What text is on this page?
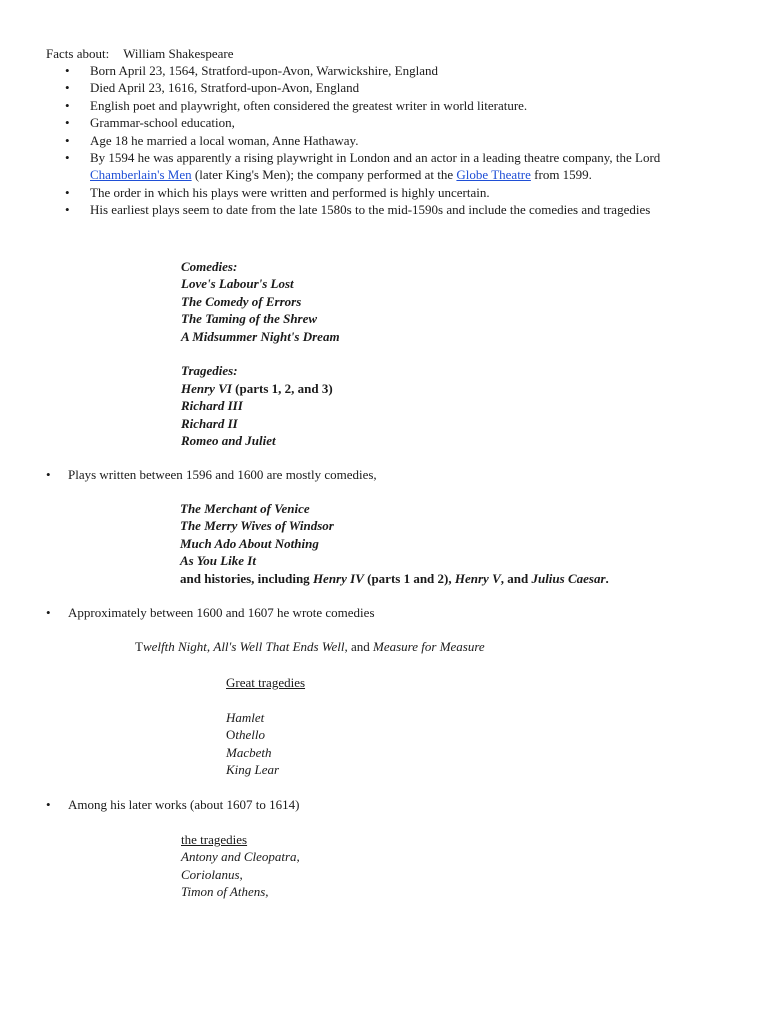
Facts about: William Shakespeare
• Born April 23, 1564, Stratford-upon-Avon, Warwickshire, England
• Died April 23, 1616, Stratford-upon-Avon, England
• English poet and playwright, often considered the greatest writer in world literature.
• Grammar-school education,
• Age 18 he married a local woman, Anne Hathaway.
• By 1594 he was apparently a rising playwright in London and an actor in a leading theatre company, the Lord Chamberlain's Men (later King's Men); the company performed at the Globe Theatre from 1599.
• The order in which his plays were written and performed is highly uncertain.
• His earliest plays seem to date from the late 1580s to the mid-1590s and include the comedies and tragedies
Comedies:
Love's Labour's Lost
The Comedy of Errors
The Taming of the Shrew
A Midsummer Night's Dream
Tragedies:
Henry VI (parts 1, 2, and 3)
Richard III
Richard II
Romeo and Juliet
• Plays written between 1596 and 1600 are mostly comedies,
The Merchant of Venice
The Merry Wives of Windsor
Much Ado About Nothing
As You Like It
and histories, including Henry IV (parts 1 and 2), Henry V, and Julius Caesar.
• Approximately between 1600 and 1607 he wrote comedies
Twelfth Night, All's Well That Ends Well, and Measure for Measure
Great tragedies
Hamlet
Othello
Macbeth
King Lear
• Among his later works (about 1607 to 1614)
the tragedies
Antony and Cleopatra,
Coriolanus,
Timon of Athens,
